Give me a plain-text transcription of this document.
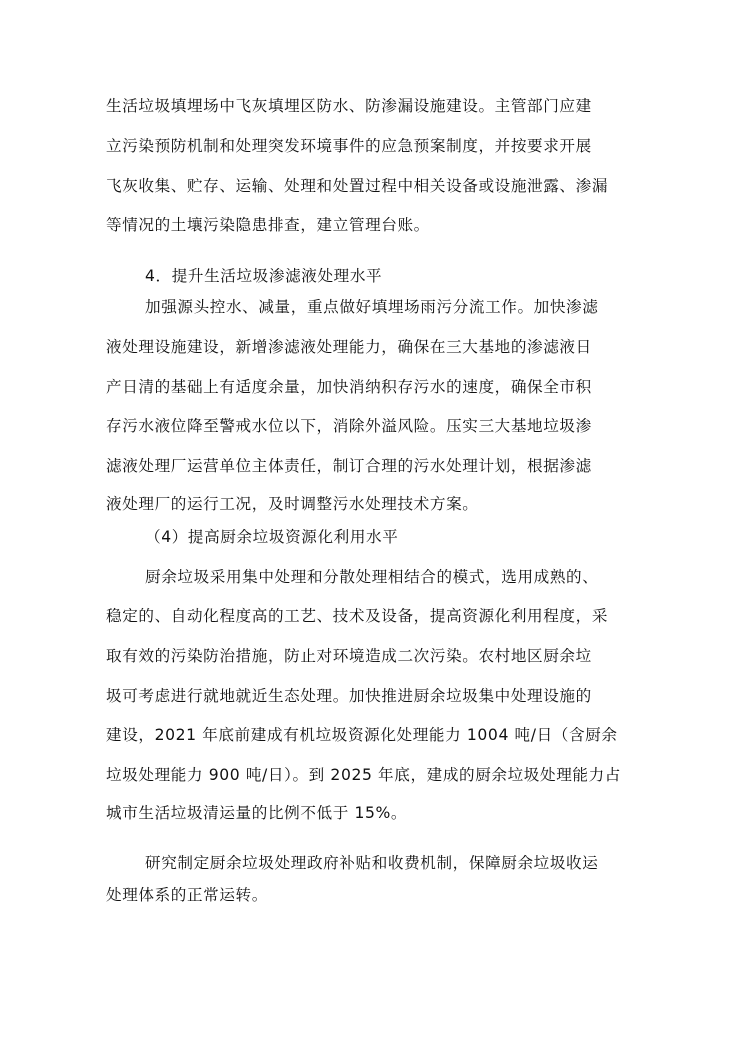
生活垃圾填埋场中飞灰填埋区防水、防渗漏设施建设。主管部门应建
立污染预防机制和处理突发环境事件的应急预案制度，并按要求开展
飞灰收集、贮存、运输、处理和处置过程中相关设备或设施泄露、渗漏
等情况的土壤污染隐患排查，建立管理台账。
4．提升生活垃圾渗滤液处理水平
加强源头控水、减量，重点做好填埋场雨污分流工作。加快渗滤
液处理设施建设，新增渗滤液处理能力，确保在三大基地的渗滤液日
产日清的基础上有适度余量，加快消纳积存污水的速度，确保全市积
存污水液位降至警戒水位以下，消除外溢风险。压实三大基地垃圾渗
滤液处理厂运营单位主体责任，制订合理的污水处理计划，根据渗滤
液处理厂的运行工况，及时调整污水处理技术方案。
（4）提高厨余垃圾资源化利用水平
厨余垃圾采用集中处理和分散处理相结合的模式，选用成熟的、
稳定的、自动化程度高的工艺、技术及设备，提高资源化利用程度，采
取有效的污染防治措施，防止对环境造成二次污染。农村地区厨余垃
圾可考虑进行就地就近生态处理。加快推进厨余垃圾集中处理设施的
建设，2021 年底前建成有机垃圾资源化处理能力 1004 吨/日（含厨余
垃圾处理能力 900 吨/日）。到 2025 年底，建成的厨余垃圾处理能力占
城市生活垃圾清运量的比例不低于 15%。
研究制定厨余垃圾处理政府补贴和收费机制，保障厨余垃圾收运
处理体系的正常运转。
